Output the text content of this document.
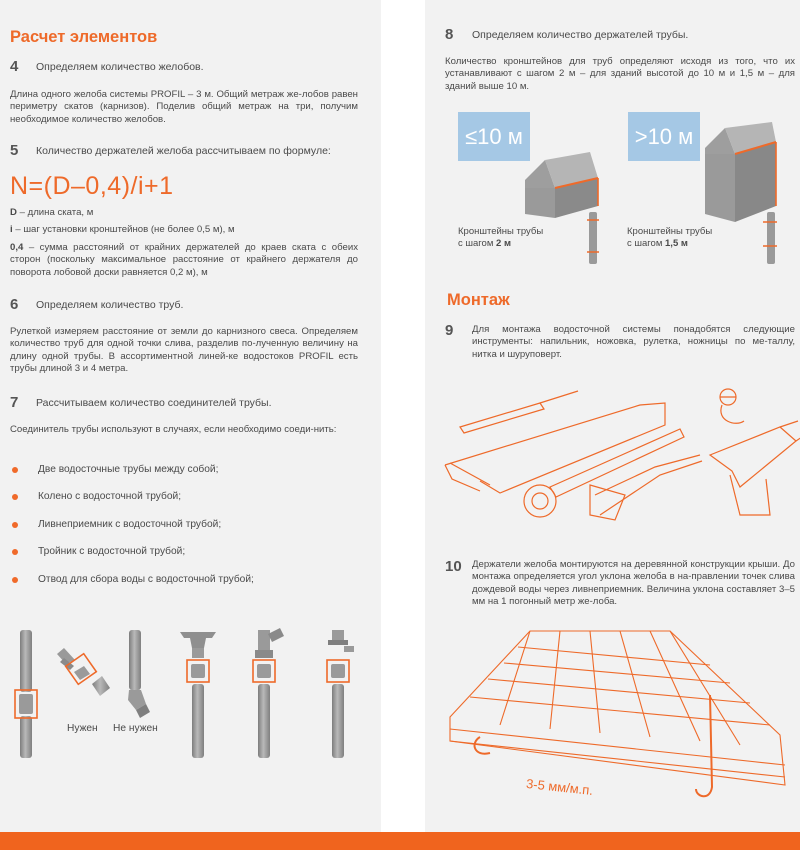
Расчет элементов
4 Определяем количество желобов.
Длина одного желоба системы PROFIL – 3 м. Общий метраж же-лобов равен периметру скатов (карнизов). Поделив общий метраж на три, получим необходимое количество желобов.
5 Количество держателей желоба рассчитываем по формуле:
N=(D–0,4)/i+1
D – длина ската, м
i – шаг установки кронштейнов (не более 0,5 м), м
0,4 – сумма расстояний от крайних держателей до краев ската с обеих сторон (поскольку максимальное расстояние от крайнего держателя до поворота лобовой доски равняется 0,2 м), м
6 Определяем количество труб.
Рулеткой измеряем расстояние от земли до карнизного свеса. Определяем количество труб для одной точки слива, разделив по-лученную величину на длину одной трубы. В ассортиментной линей-ке водостоков PROFIL есть трубы длиной 3 и 4 метра.
7 Рассчитываем количество соединителей трубы.
Соединитель трубы используют в случаях, если необходимо соеди-нить:
Две водосточные трубы между собой;
Колено с водосточной трубой;
Ливнеприемник с водосточной трубой;
Тройник с водосточной трубой;
Отвод для сбора воды с водосточной трубой;
Нужен Не нужен
8 Определяем количество держателей трубы.
Количество кронштейнов для труб определяют исходя из того, что их устанавливают с шагом 2 м – для зданий высотой до 10 м и 1,5 м – для зданий выше 10 м.
≤10 м	>10 м
Кронштейны трубы
с шагом 2 м
Кронштейны трубы
с шагом 1,5 м
Монтаж
9 Для монтажа водосточной системы понадобятся следующие инструменты: напильник, ножовка, рулетка, ножницы по ме-таллу, нитка и шуруповерт.
10 Держатели желоба монтируются на деревянной конструкции крыши. До монтажа определяется угол уклона желоба в на-правлении точек слива дождевой воды через ливнеприемник. Величина уклона составляет 3–5 мм на 1 погонный метр же-лоба.
3-5 мм/м.п.
